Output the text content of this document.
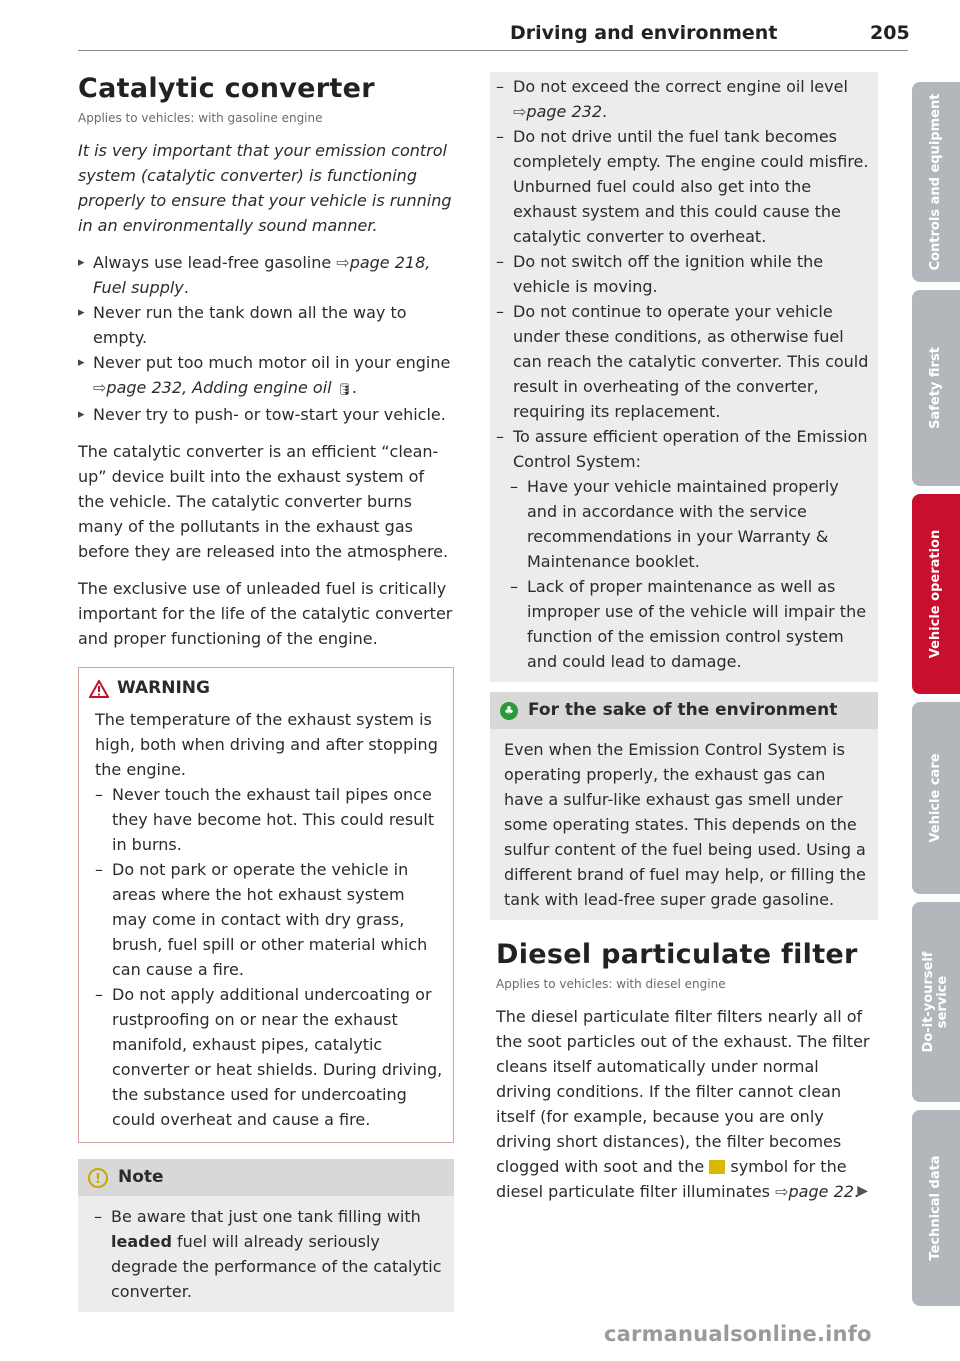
Driving and environment	205
Catalytic converter
Applies to vehicles: with gasoline engine

It is very important that your emission control system (catalytic converter) is functioning properly to ensure that your vehicle is running in an environmentally sound manner.

▸ Always use lead-free gasoline ⇨page 218, Fuel supply.
▸ Never run the tank down all the way to empty.
▸ Never put too much motor oil in your engine ⇨page 232, Adding engine oil 🛢.
▸ Never try to push- or tow-start your vehicle.

The catalytic converter is an efficient “clean-up” device built into the exhaust system of the vehicle. The catalytic converter burns many of the pollutants in the exhaust gas before they are released into the atmosphere.

The exclusive use of unleaded fuel is critically important for the life of the catalytic converter and proper functioning of the engine.

WARNING

The temperature of the exhaust system is high, both when driving and after stopping the engine.

– Never touch the exhaust tail pipes once they have become hot. This could result in burns.
– Do not park or operate the vehicle in areas where the hot exhaust system may come in contact with dry grass, brush, fuel spill or other material which can cause a fire.
– Do not apply additional undercoating or rustproofing on or near the exhaust manifold, exhaust pipes, catalytic converter or heat shields. During driving, the substance used for undercoating could overheat and cause a fire.
!	Note
– Be aware that just one tank filling with leaded fuel will already seriously degrade the performance of the catalytic converter.
– Do not exceed the correct engine oil level
⇨page 232.
– Do not drive until the fuel tank becomes completely empty. The engine could misfire. Unburned fuel could also get into the exhaust system and this could cause the catalytic converter to overheat.
– Do not switch off the ignition while the vehicle is moving.
– Do not continue to operate your vehicle under these conditions, as otherwise fuel can reach the catalytic converter. This could result in overheating of the converter, requiring its replacement.
– To assure efficient operation of the Emission Control System:
– Have your vehicle maintained properly and in accordance with the service recommendations in your Warranty & Maintenance booklet.
– Lack of proper maintenance as well as improper use of the vehicle will impair the function of the emission control system and could lead to damage.
♣ For the sake of the environment

Even when the Emission Control System is operating properly, the exhaust gas can have a sulfur-like exhaust gas smell under some operating states. This depends on the sulfur content of the fuel being used. Using a different brand of fuel may help, or filling the tank with lead-free super grade gasoline.

Diesel particulate filter
Applies to vehicles: with diesel engine

The diesel particulate filter filters nearly all of the soot particles out of the exhaust. The filter cleans itself automatically under normal driving conditions. If the filter cannot clean itself (for example, because you are only driving short distances), the filter becomes clogged with soot and the  symbol for the diesel particulate filter illuminates ⇨page 22.
▶

Controls and equipment
Safety first
Vehicle operation
Vehicle care
Do-it-yourself service
Technical data
carmanualsonline.info
